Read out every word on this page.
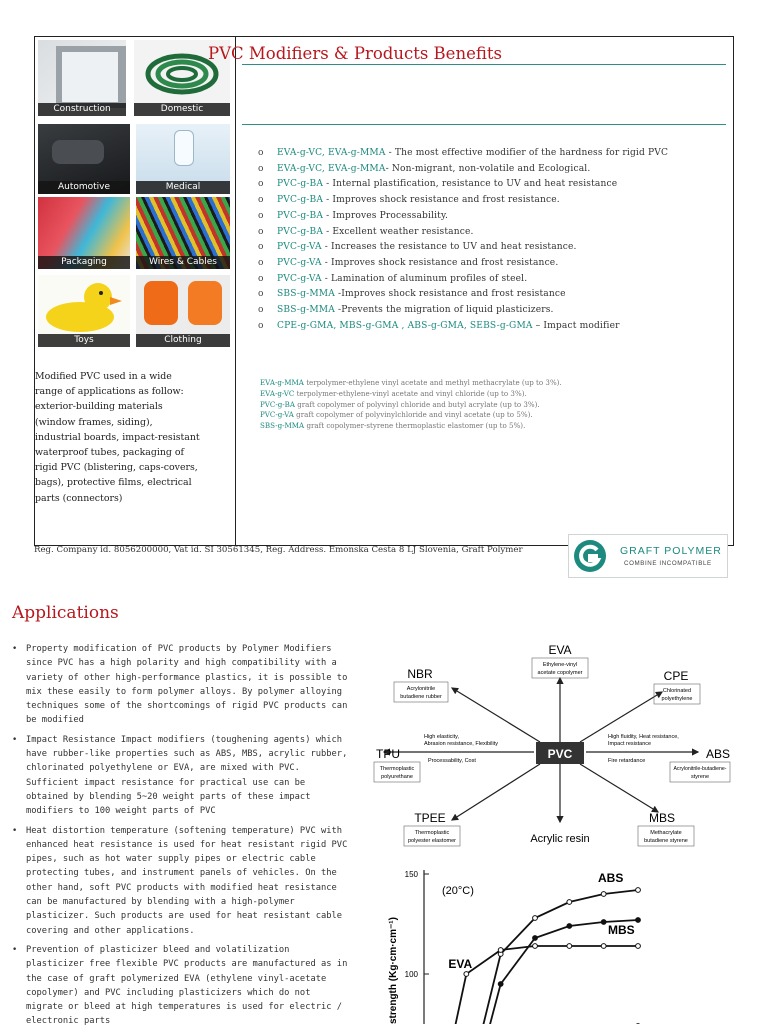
Construction	Domestic
Automotive	Medical
Packaging	Wires & Cables
Toys	Clothing
Modified PVC used in a wide range of applications as follow: exterior-building materials (window frames, siding), industrial boards, impact-resistant waterproof tubes, packaging of rigid PVC (blistering, caps-covers, bags), protective films, electrical parts (connectors)
PVC Modifiers & Products Benefits
o EVA-g-VC, EVA-g-MMA - The most effective modifier of the hardness for rigid PVC
o EVA-g-VC, EVA-g-MMA- Non-migrant, non-volatile and Ecological.
o PVC-g-BA - Internal plastification, resistance to UV and heat resistance
o PVC-g-BA - Improves shock resistance and frost resistance.
o PVC-g-BA - Improves Processability.
o PVC-g-BA - Excellent weather resistance.
o PVC-g-VA - Increases the resistance to UV and heat resistance.
o PVC-g-VA - Improves shock resistance and frost resistance.
o PVC-g-VA - Lamination of aluminum profiles of steel.
o SBS-g-MMA -Improves shock resistance and frost resistance
o SBS-g-MMA -Prevents the migration of liquid plasticizers.
o CPE-g-GMA, MBS-g-GMA , ABS-g-GMA, SEBS-g-GMA – Impact modifier
EVA-g-MMA terpolymer-ethylene vinyl acetate and methyl methacrylate (up to 3%).
EVA-g-VC terpolymer-ethylene-vinyl acetate and vinyl chloride (up to 3%).
PVC-g-BA graft copolymer of polyvinyl chloride and butyl acrylate (up to 3%).
PVC-g-VA graft copolymer of polyvinylchloride and vinyl acetate (up to 5%).
SBS-g-MMA graft copolymer-styrene thermoplastic elastomer (up to 5%).
Reg. Company id. 8056200000, Vat id. SI 30561345, Reg. Address. Emonska Cesta 8 LJ Slovenia, Graft Polymer	GRAFT POLYMER
COMBINE INCOMPATIBLE
Applications
• Property modification of PVC products by Polymer Modifiers since PVC has a high polarity and high compatibility with a variety of other high-performance plastics, it is possible to mix these easily to form polymer alloys. By polymer alloying techniques some of the shortcomings of rigid PVC products can be modified
• Impact Resistance Impact modifiers (toughening agents) which have rubber-like properties such as ABS, MBS, acrylic rubber, chlorinated polyethylene or EVA, are mixed with PVC. Sufficient impact resistance for practical use can be obtained by blending 5~20 weight parts of these impact modifiers to 100 weight parts of PVC
• Heat distortion temperature (softening temperature) PVC with enhanced heat resistance is used for heat resistant rigid PVC pipes, such as hot water supply pipes or electric cable protecting tubes, and instrument panels of vehicles. On the other hand, soft PVC products with modified heat resistance can be manufactured by blending with a high-polymer plasticizer. Such products are used for heat resistant cable covering and other applications.
• Prevention of plasticizer bleed and volatilization plasticizer free flexible PVC products are manufactured as in the case of graft polymerized EVA (ethylene vinyl-acetate copolymer) and PVC including plasticizers which do not migrate or bleed at high temperatures is used for electric / electronic parts
PVC
EVA
Ethylene-vinyl
acetate copolymer
NBR
Acrylonitrile
butadiene rubber
CPE
Chlorinated
polyethylene
TPU
Thermoplastic
polyurethane
ABS
Acrylonitrile-butadiene-
styrene
TPEE
Thermoplastic
polyester elastomer
MBS
Methacrylate
butadiene styrene
Acrylic resin
High elasticity,
Abrasion resistance, Flexibility
Processability, Cost
High fluidity, Heat resistance,
Impact resistance
Fire retardance
strength (Kg·cm·cm⁻¹)
(20°C)
100
150	ABS
MBS
EVA
